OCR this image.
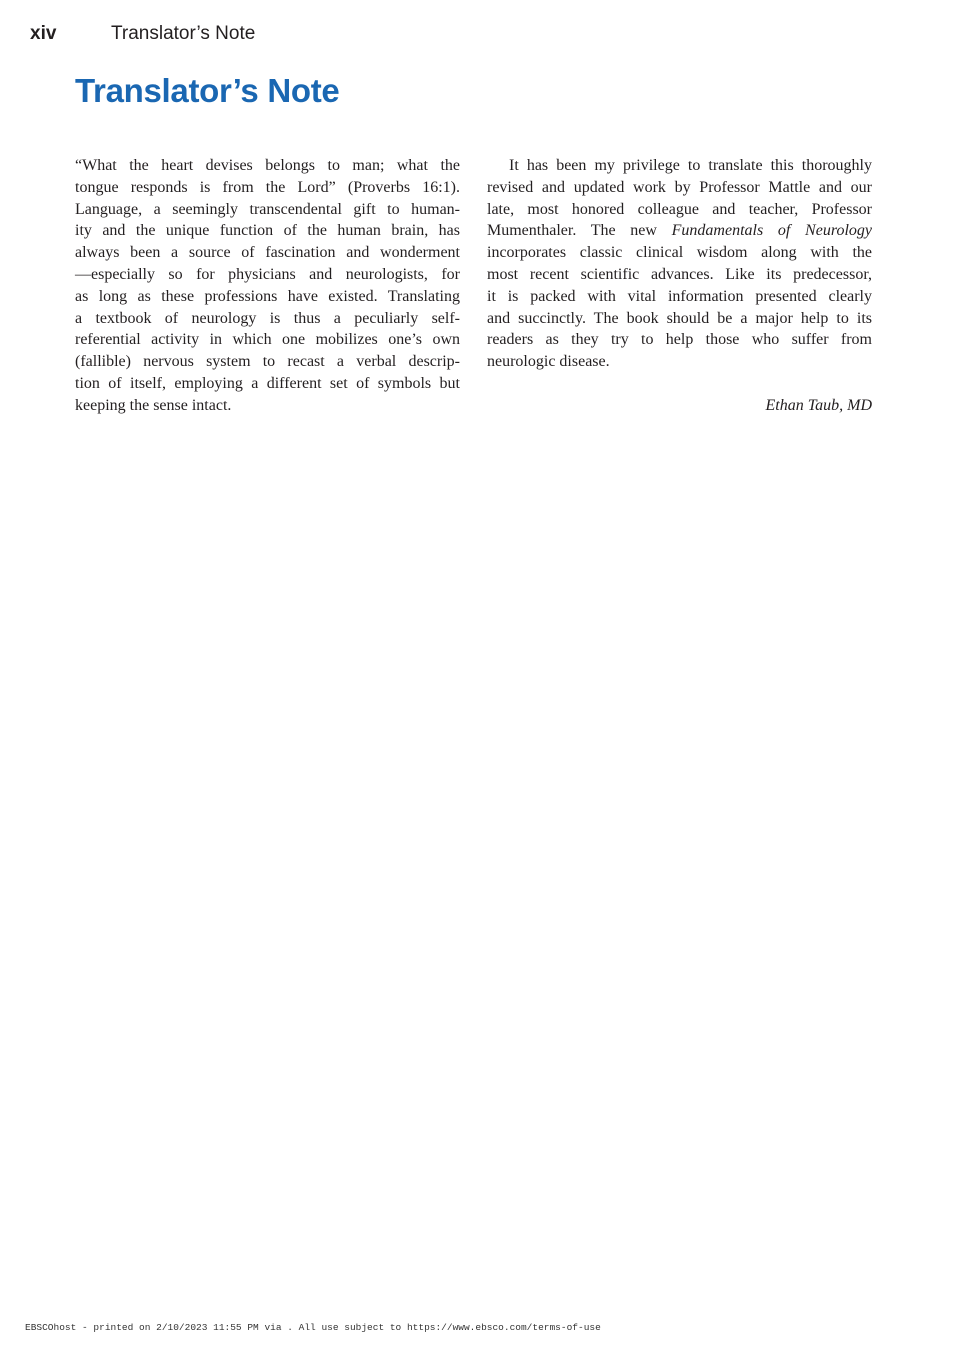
xiv	Translator’s Note
Translator’s Note
“What the heart devises belongs to man; what the
tongue responds is from the Lord” (Proverbs 16:1).
Language, a seemingly transcendental gift to human-
ity and the unique function of the human brain, has
always been a source of fascination and wonderment
—especially so for physicians and neurologists, for
as long as these professions have existed. Translating
a textbook of neurology is thus a peculiarly self-
referential activity in which one mobilizes one’s own
(fallible) nervous system to recast a verbal descrip-
tion of itself, employing a different set of symbols but
keeping the sense intact.
It has been my privilege to translate this thoroughly
revised and updated work by Professor Mattle and our
late, most honored colleague and teacher, Professor
Mumenthaler. The new Fundamentals of Neurology
incorporates classic clinical wisdom along with the
most recent scientific advances. Like its predecessor,
it is packed with vital information presented clearly
and succinctly. The book should be a major help to its
readers as they try to help those who suffer from
neurologic disease.
Ethan Taub, MD
EBSCOhost - printed on 2/10/2023 11:55 PM via . All use subject to https://www.ebsco.com/terms-of-use
